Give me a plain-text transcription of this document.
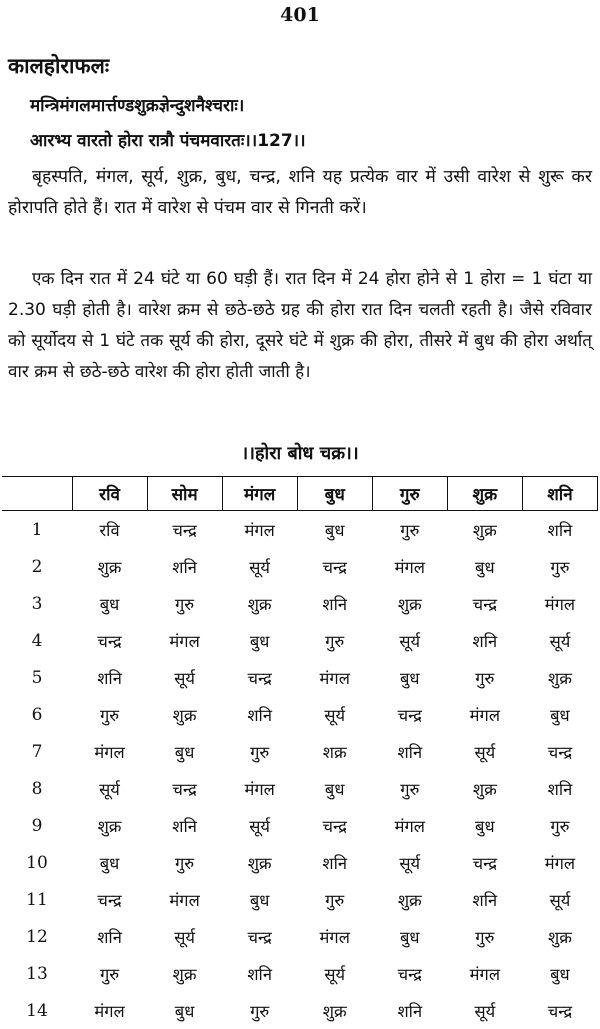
401
कालहोराफलः
मन्त्रिमंगलमार्त्तण्डशुक्रज्ञेन्दुशनैश्चराः।
आरभ्य वारतो होरा रात्रौ पंचमवारतः।।127।।
बृहस्पति, मंगल, सूर्य, शुक्र, बुध, चन्द्र, शनि यह प्रत्येक वार में उसी वारेश से शुरू कर होरापति होते हैं। रात में वारेश से पंचम वार से गिनती करें।
एक दिन रात में 24 घंटे या 60 घड़ी हैं। रात दिन में 24 होरा होने से 1 होरा = 1 घंटा या 2.30 घड़ी होती है। वारेश क्रम से छठे-छठे ग्रह की होरा रात दिन चलती रहती है। जैसे रविवार को सूर्योदय से 1 घंटे तक सूर्य की होरा, दूसरे घंटे में शुक्र की होरा, तीसरे में बुध की होरा अर्थात् वार क्रम से छठे-छठे वारेश की होरा होती जाती है।
।।होरा बोध चक्र।।
	रवि	सोम	मंगल	बुध	गुरु	शुक्र	शनि
1	रवि	चन्द्र	मंगल	बुध	गुरु	शुक्र	शनि
2	शुक्र	शनि	सूर्य	चन्द्र	मंगल	बुध	गुरु
3	बुध	गुरु	शुक्र	शनि	शुक्र	चन्द्र	मंगल
4	चन्द्र	मंगल	बुध	गुरु	सूर्य	शनि	सूर्य
5	शनि	सूर्य	चन्द्र	मंगल	बुध	गुरु	शुक्र
6	गुरु	शुक्र	शनि	सूर्य	चन्द्र	मंगल	बुध
7	मंगल	बुध	गुरु	शक्र	शनि	सूर्य	चन्द्र
8	सूर्य	चन्द्र	मंगल	बुध	गुरु	शुक्र	शनि
9	शुक्र	शनि	सूर्य	चन्द्र	मंगल	बुध	गुरु
10	बुध	गुरु	शुक्र	शनि	सूर्य	चन्द्र	मंगल
11	चन्द्र	मंगल	बुध	गुरु	शुक्र	शनि	सूर्य
12	शनि	सूर्य	चन्द्र	मंगल	बुध	गुरु	शुक्र
13	गुरु	शुक्र	शनि	सूर्य	चन्द्र	मंगल	बुध
14	मंगल	बुध	गुरु	शुक्र	शनि	सूर्य	चन्द्र
